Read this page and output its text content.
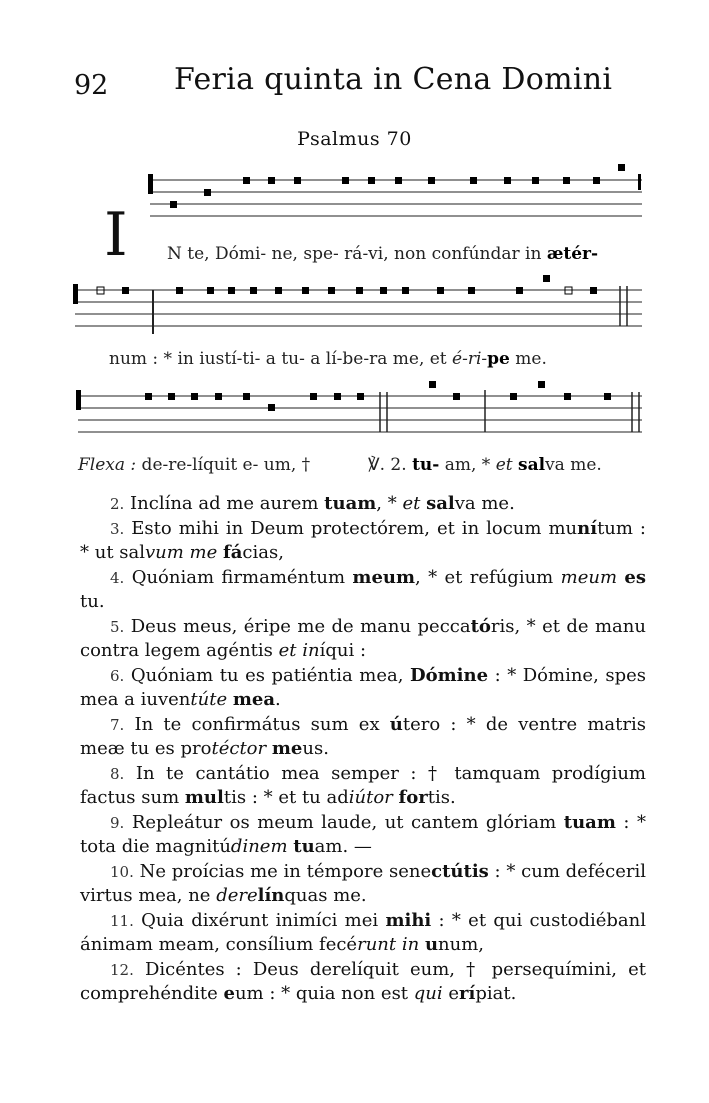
92 Feria quinta in Cena Domini
Psalmus 70
I N te, Dómi- ne, spe- rá-vi, non confúndar in ætér-
num : * in iustí-ti- a tu- a lí-be-ra me, et é-ri-pe me.
Flexa : de-re-líquit e- um, †	℣. 2. tu- am, * et salva me.

2. Inclína ad me aurem tuam, * et salva me.

3. Esto mihi in Deum protectórem, et in locum munítum : * ut salvum me fácias,

4. Quóniam firmaméntum meum, * et refúgium meum es tu.

5. Deus meus, éripe me de manu peccatóris, * et de manu contra legem agéntis et iníqui :

6. Quóniam tu es patiéntia mea, Dómine : * Dómine, spes mea a iuventúte mea.

7. In te confirmátus sum ex útero : * de ventre matris meæ tu es protéctor meus.

8. In te cantátio mea semper : † tamquam prodígium factus sum multis : * et tu adiútor fortis.

9. Repleátur os meum laude, ut cantem glóriam tuam : * tota die magnitúdinem tuam. —

10. Ne proícias me in témpore senectútis : * cum deféceril virtus mea, ne derelínquas me.

11. Quia dixérunt inimíci mei mihi : * et qui custodiébanl ánimam meam, consílium fecérunt in unum,

12. Dicéntes : Deus derelíquit eum, † persequímini, et comprehéndite eum : * quia non est qui erípiat.
